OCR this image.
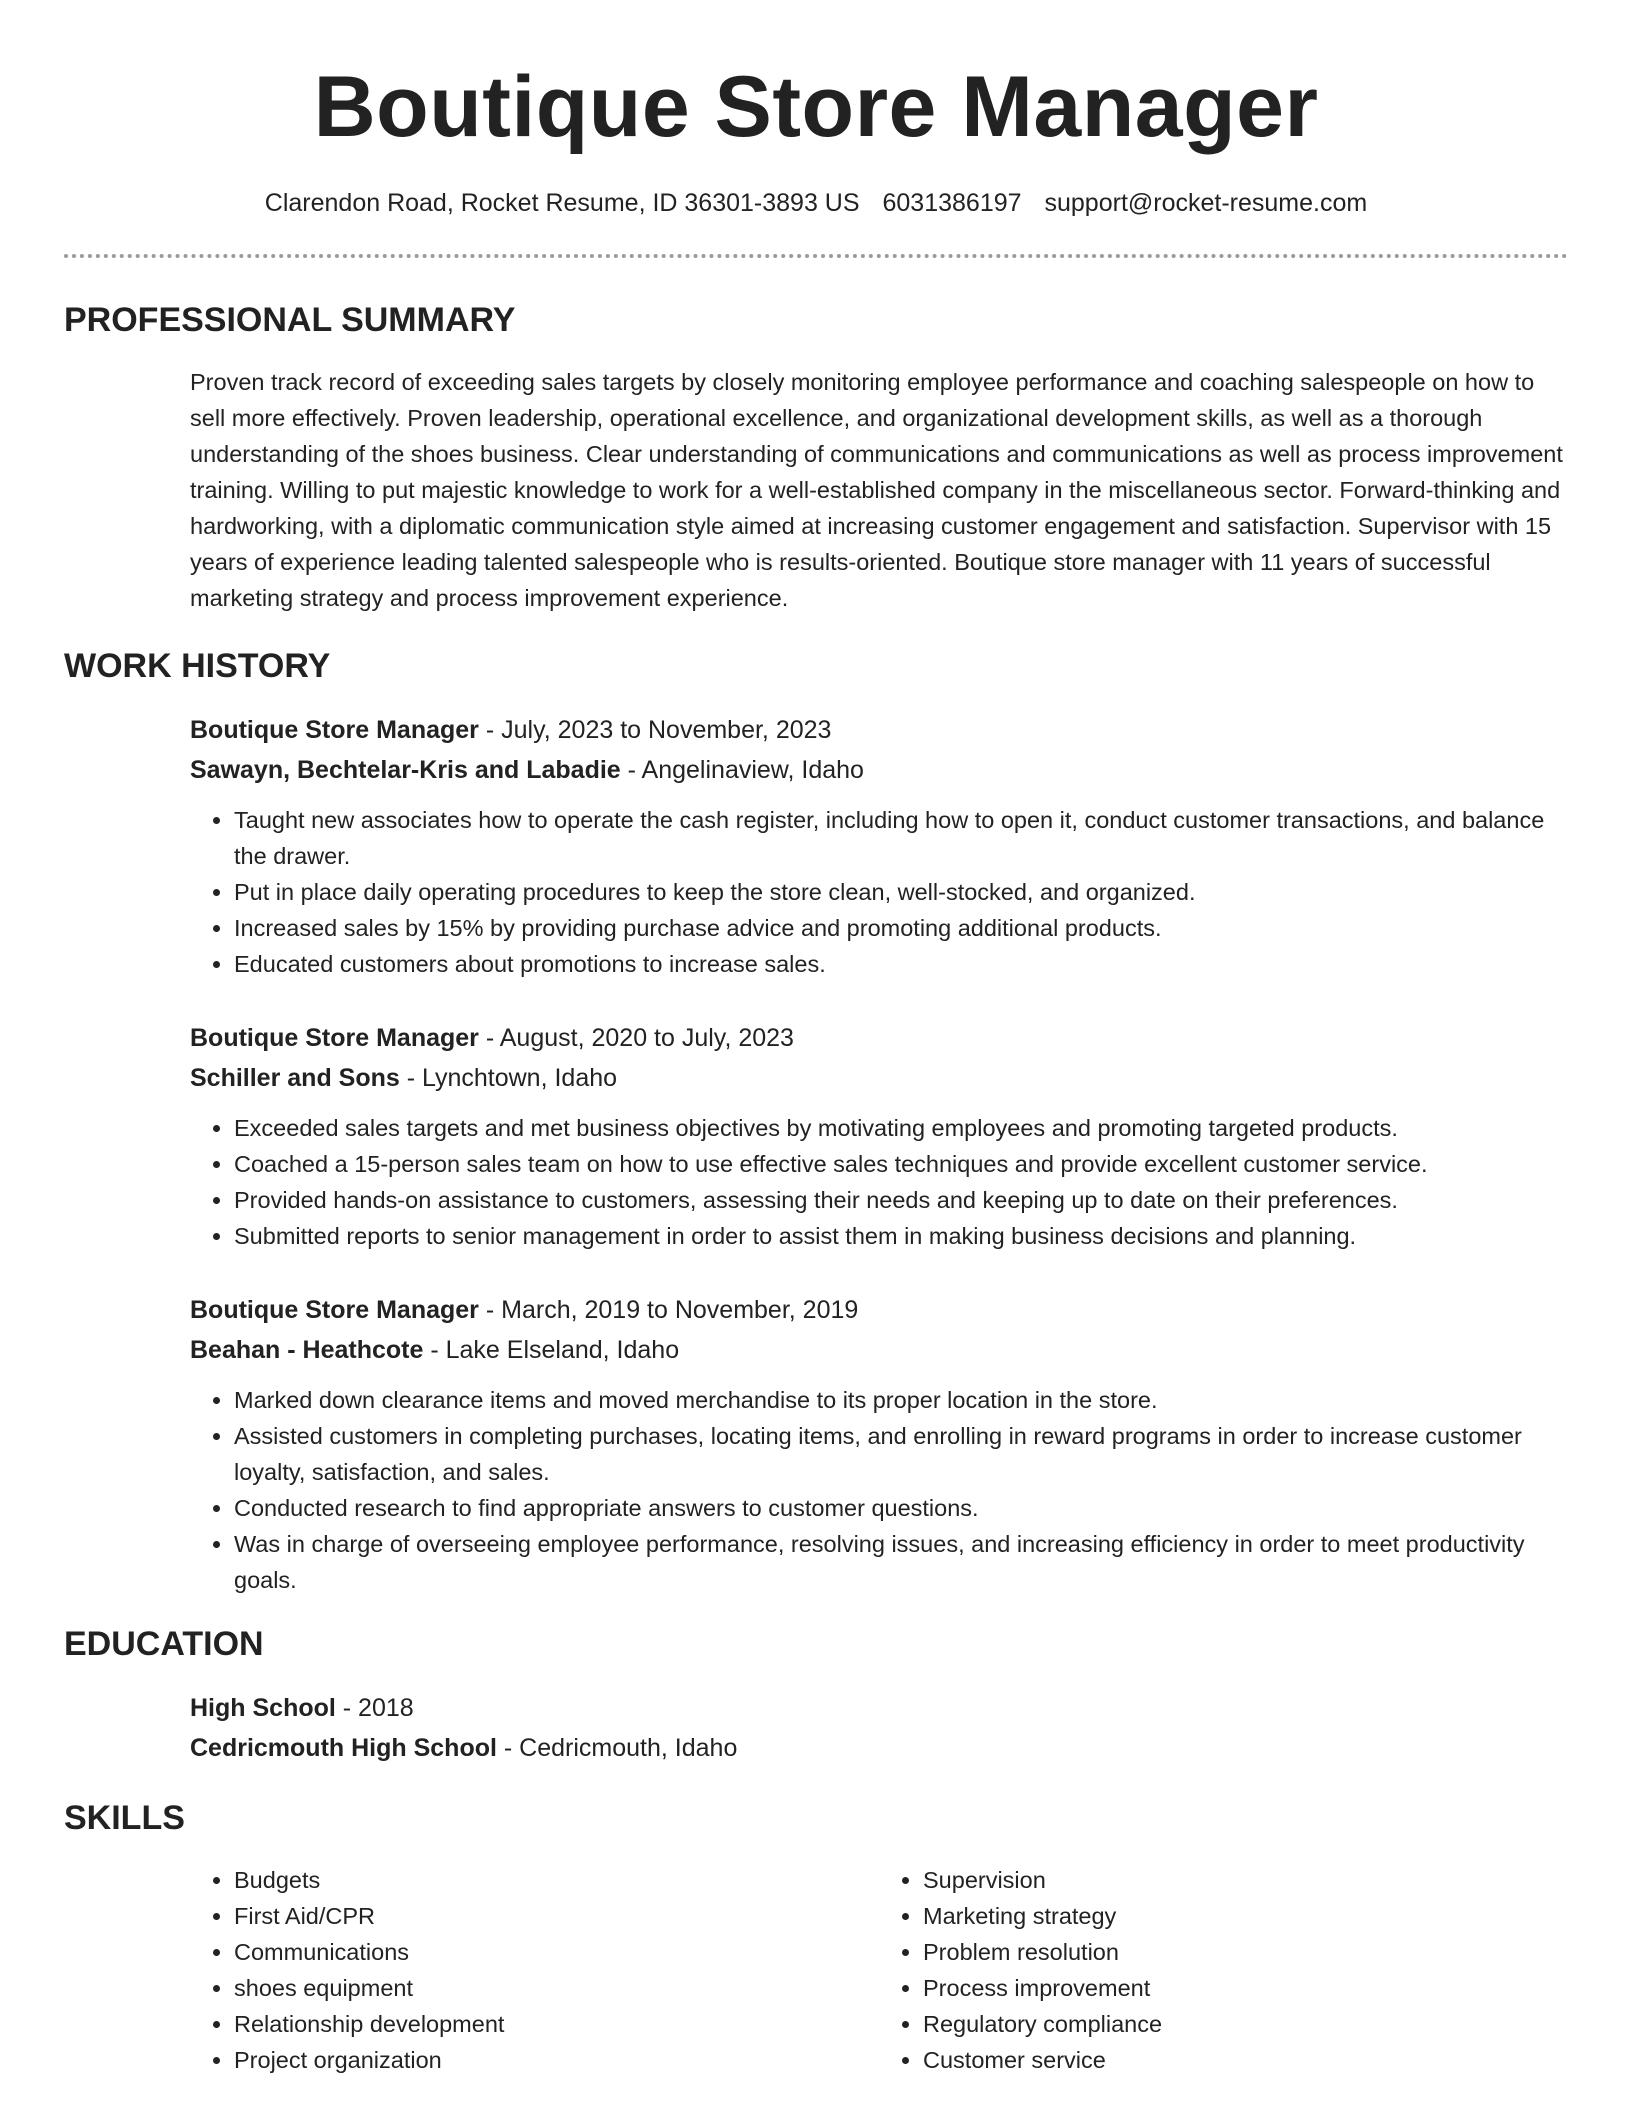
Boutique Store Manager
Clarendon Road, Rocket Resume, ID 36301-3893 US 6031386197 support@rocket-resume.com
PROFESSIONAL SUMMARY
Proven track record of exceeding sales targets by closely monitoring employee performance and coaching salespeople on how to sell more effectively. Proven leadership, operational excellence, and organizational development skills, as well as a thorough understanding of the shoes business. Clear understanding of communications and communications as well as process improvement training. Willing to put majestic knowledge to work for a well-established company in the miscellaneous sector. Forward-thinking and hardworking, with a diplomatic communication style aimed at increasing customer engagement and satisfaction. Supervisor with 15 years of experience leading talented salespeople who is results-oriented. Boutique store manager with 11 years of successful marketing strategy and process improvement experience.
WORK HISTORY
Boutique Store Manager - July, 2023 to November, 2023
Sawayn, Bechtelar-Kris and Labadie - Angelinaview, Idaho
• Taught new associates how to operate the cash register, including how to open it, conduct customer transactions, and balance the drawer.
• Put in place daily operating procedures to keep the store clean, well-stocked, and organized.
• Increased sales by 15% by providing purchase advice and promoting additional products.
• Educated customers about promotions to increase sales.
Boutique Store Manager - August, 2020 to July, 2023
Schiller and Sons - Lynchtown, Idaho
• Exceeded sales targets and met business objectives by motivating employees and promoting targeted products.
• Coached a 15-person sales team on how to use effective sales techniques and provide excellent customer service.
• Provided hands-on assistance to customers, assessing their needs and keeping up to date on their preferences.
• Submitted reports to senior management in order to assist them in making business decisions and planning.
Boutique Store Manager - March, 2019 to November, 2019
Beahan - Heathcote - Lake Elseland, Idaho
• Marked down clearance items and moved merchandise to its proper location in the store.
• Assisted customers in completing purchases, locating items, and enrolling in reward programs in order to increase customer loyalty, satisfaction, and sales.
• Conducted research to find appropriate answers to customer questions.
• Was in charge of overseeing employee performance, resolving issues, and increasing efficiency in order to meet productivity goals.
EDUCATION
High School - 2018
Cedricmouth High School - Cedricmouth, Idaho
SKILLS
• Budgets
• First Aid/CPR
• Communications
• shoes equipment
• Relationship development
• Project organization
• Supervision
• Marketing strategy
• Problem resolution
• Process improvement
• Regulatory compliance
• Customer service
